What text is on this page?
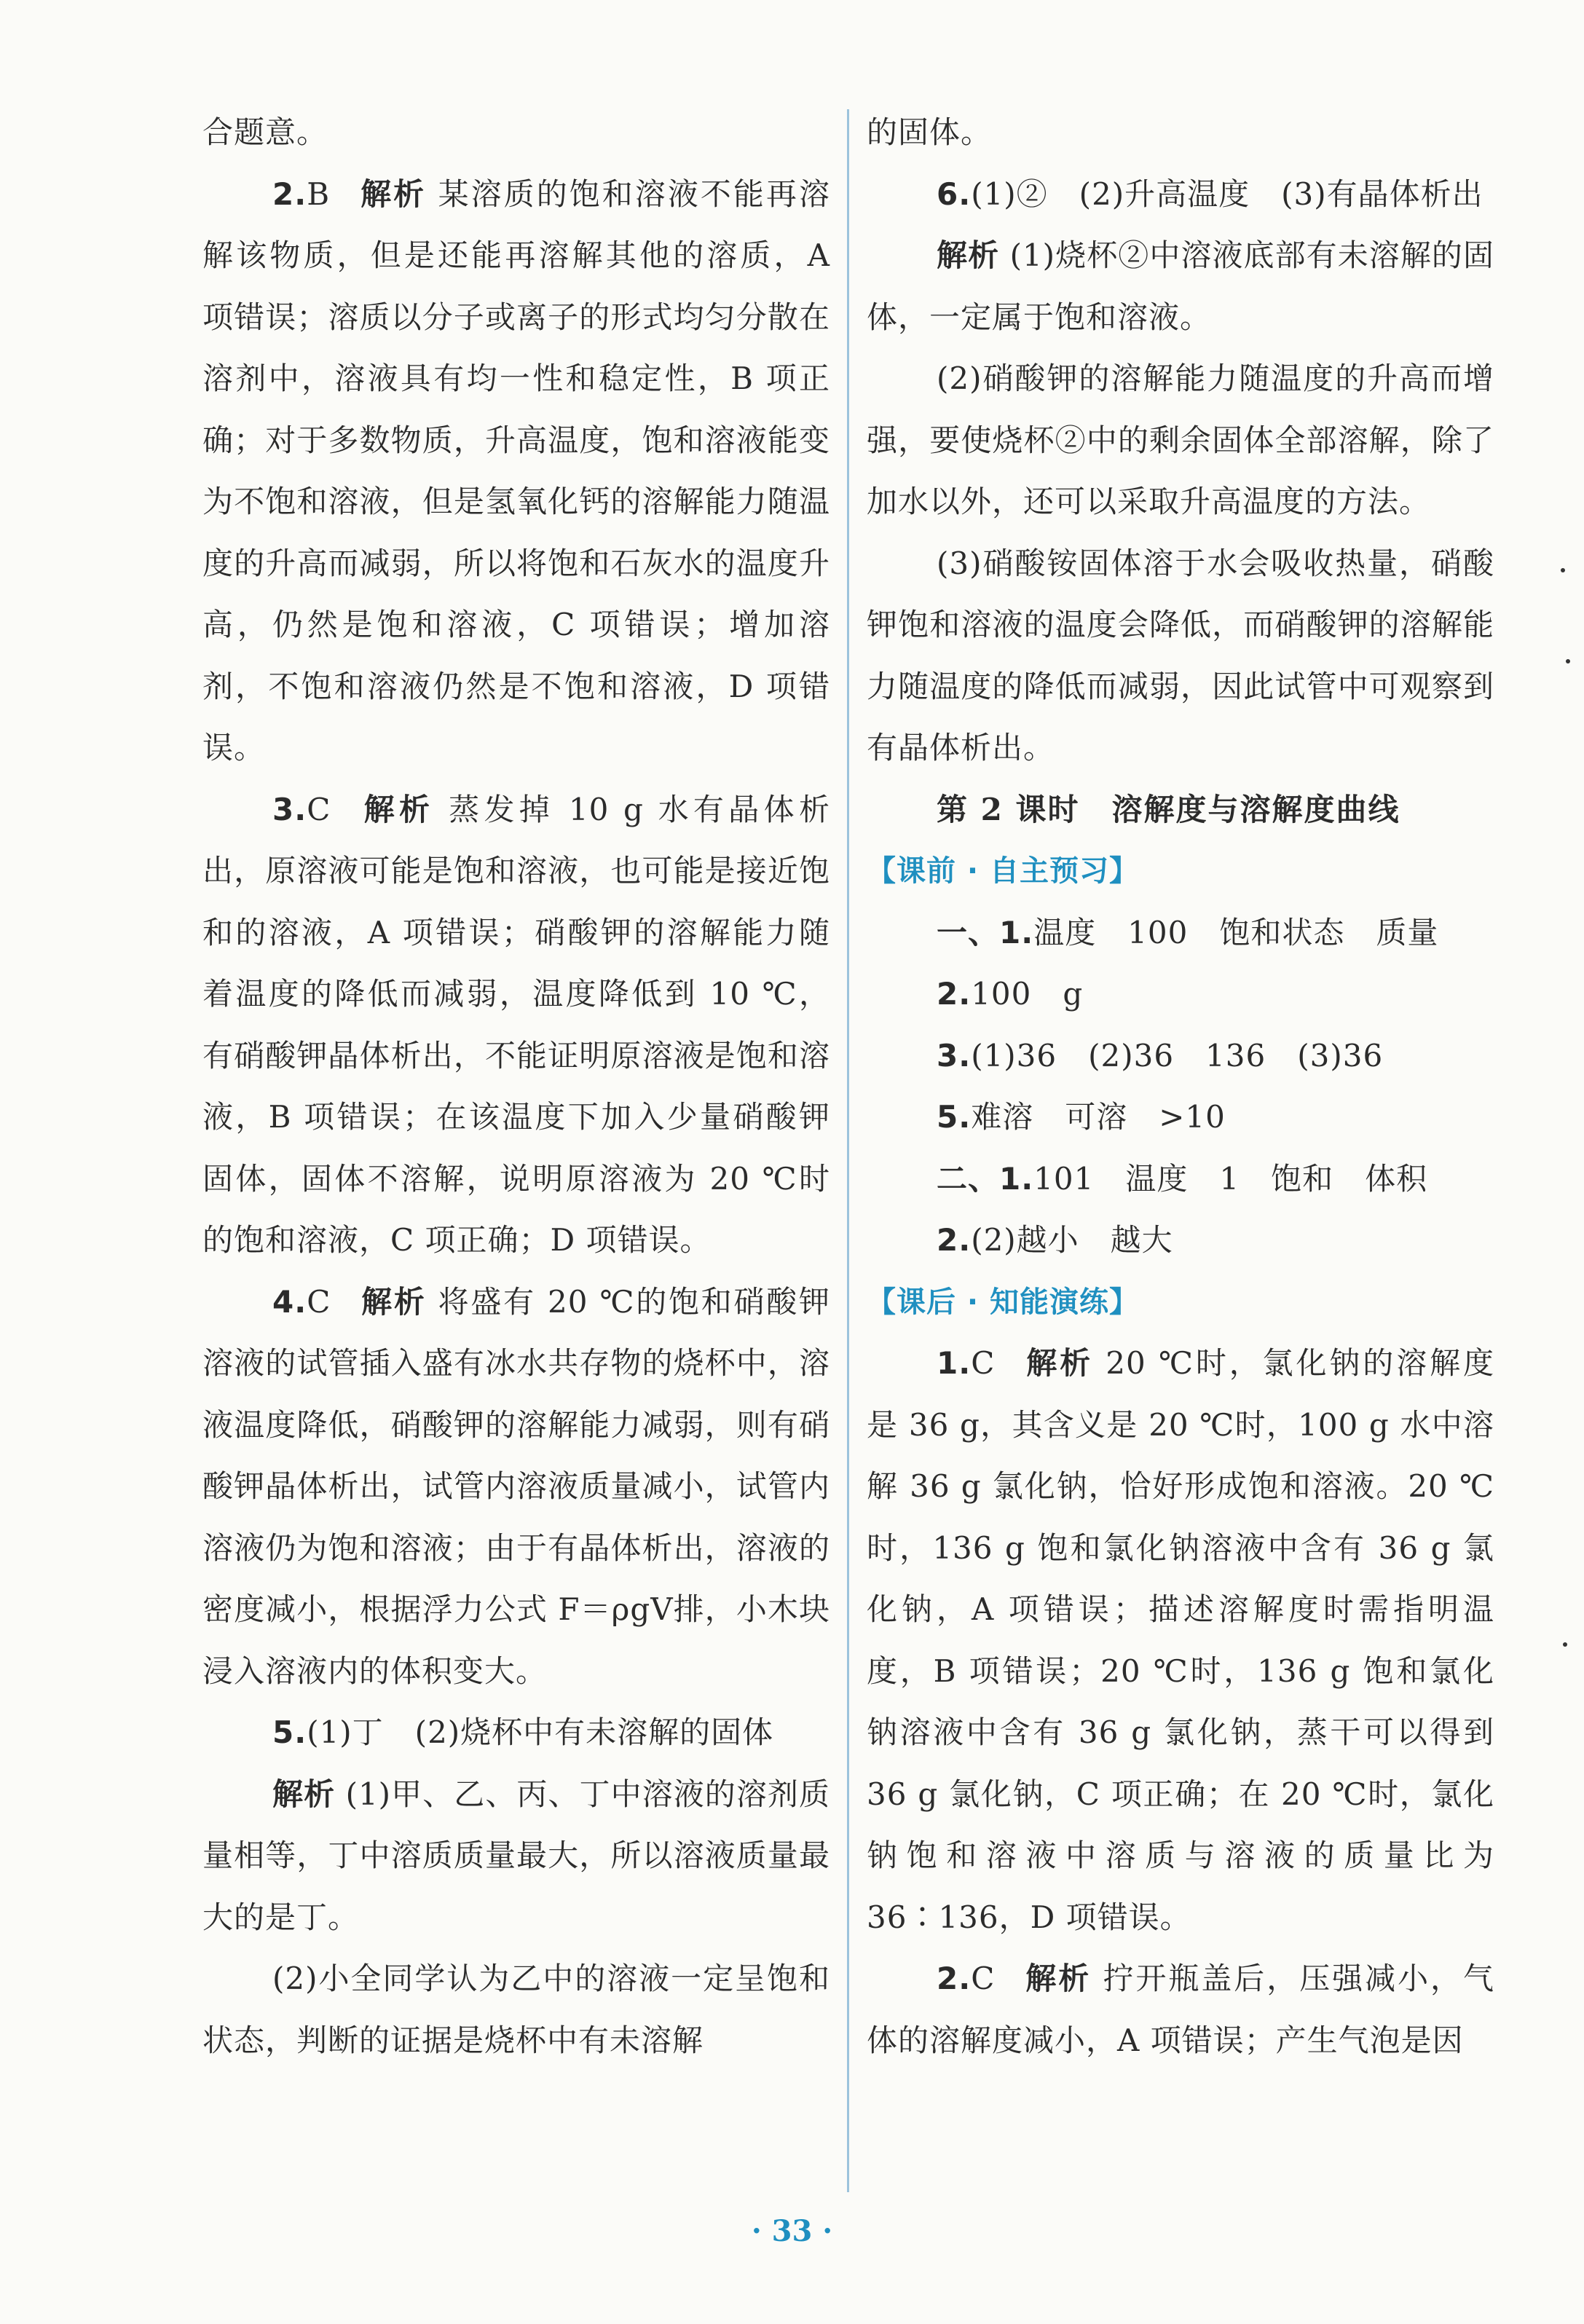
合题意。

2.B 解析 某溶质的饱和溶液不能再溶解该物质，但是还能再溶解其他的溶质，A 项错误；溶质以分子或离子的形式均匀分散在溶剂中，溶液具有均一性和稳定性，B 项正确；对于多数物质，升高温度，饱和溶液能变为不饱和溶液，但是氢氧化钙的溶解能力随温度的升高而减弱，所以将饱和石灰水的温度升高，仍然是饱和溶液，C 项错误；增加溶剂，不饱和溶液仍然是不饱和溶液，D 项错误。

3.C 解析 蒸发掉 10 g 水有晶体析出，原溶液可能是饱和溶液，也可能是接近饱和的溶液，A 项错误；硝酸钾的溶解能力随着温度的降低而减弱，温度降低到 10 ℃，有硝酸钾晶体析出，不能证明原溶液是饱和溶液，B 项错误；在该温度下加入少量硝酸钾固体，固体不溶解，说明原溶液为 20 ℃时的饱和溶液，C 项正确；D 项错误。

4.C 解析 将盛有 20 ℃的饱和硝酸钾溶液的试管插入盛有冰水共存物的烧杯中，溶液温度降低，硝酸钾的溶解能力减弱，则有硝酸钾晶体析出，试管内溶液质量减小，试管内溶液仍为饱和溶液；由于有晶体析出，溶液的密度减小，根据浮力公式 F＝ρgV排，小木块浸入溶液内的体积变大。

5.(1)丁　(2)烧杯中有未溶解的固体

解析 (1)甲、乙、丙、丁中溶液的溶剂质量相等，丁中溶质质量最大，所以溶液质量最大的是丁。

(2)小全同学认为乙中的溶液一定呈饱和状态，判断的证据是烧杯中有未溶解

的固体。

6.(1)②　(2)升高温度　(3)有晶体析出

解析 (1)烧杯②中溶液底部有未溶解的固体，一定属于饱和溶液。

(2)硝酸钾的溶解能力随温度的升高而增强，要使烧杯②中的剩余固体全部溶解，除了加水以外，还可以采取升高温度的方法。

(3)硝酸铵固体溶于水会吸收热量，硝酸钾饱和溶液的温度会降低，而硝酸钾的溶解能力随温度的降低而减弱，因此试管中可观察到有晶体析出。

第 2 课时　溶解度与溶解度曲线

【课前 · 自主预习】

一、1.温度　100　饱和状态　质量

2.100　g

3.(1)36　(2)36　136　(3)36

5.难溶　可溶　>10

二、1.101　温度　1　饱和　体积

2.(2)越小　越大

【课后 · 知能演练】

1.C 解析 20 ℃时，氯化钠的溶解度是 36 g，其含义是 20 ℃时，100 g 水中溶解 36 g 氯化钠，恰好形成饱和溶液。20 ℃时，136 g 饱和氯化钠溶液中含有 36 g 氯化钠，A 项错误；描述溶解度时需指明温度，B 项错误；20 ℃时，136 g 饱和氯化钠溶液中含有 36 g 氯化钠，蒸干可以得到 36 g 氯化钠，C 项正确；在 20 ℃时，氯化钠饱和溶液中溶质与溶液的质量比为 36∶136，D 项错误。

2.C 解析 拧开瓶盖后，压强减小，气体的溶解度减小，A 项错误；产生气泡是因

· 33 ·
